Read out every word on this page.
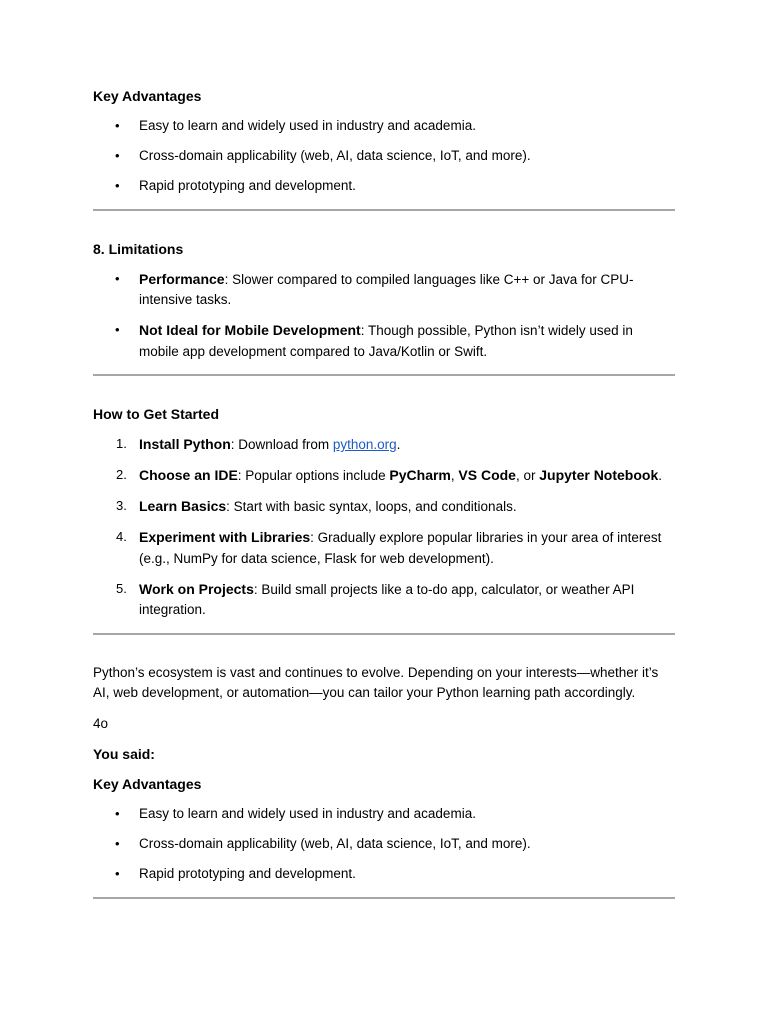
Key Advantages
• Easy to learn and widely used in industry and academia.
• Cross-domain applicability (web, AI, data science, IoT, and more).
• Rapid prototyping and development.
8. Limitations
• Performance: Slower compared to compiled languages like C++ or Java for CPU-intensive tasks.
• Not Ideal for Mobile Development: Though possible, Python isn’t widely used in mobile app development compared to Java/Kotlin or Swift.
How to Get Started
1. Install Python: Download from python.org.
2. Choose an IDE: Popular options include PyCharm, VS Code, or Jupyter Notebook.
3. Learn Basics: Start with basic syntax, loops, and conditionals.
4. Experiment with Libraries: Gradually explore popular libraries in your area of interest (e.g., NumPy for data science, Flask for web development).
5. Work on Projects: Build small projects like a to-do app, calculator, or weather API integration.
Python’s ecosystem is vast and continues to evolve. Depending on your interests—whether it’s AI, web development, or automation—you can tailor your Python learning path accordingly.
4o
You said:
Key Advantages
• Easy to learn and widely used in industry and academia.
• Cross-domain applicability (web, AI, data science, IoT, and more).
• Rapid prototyping and development.
